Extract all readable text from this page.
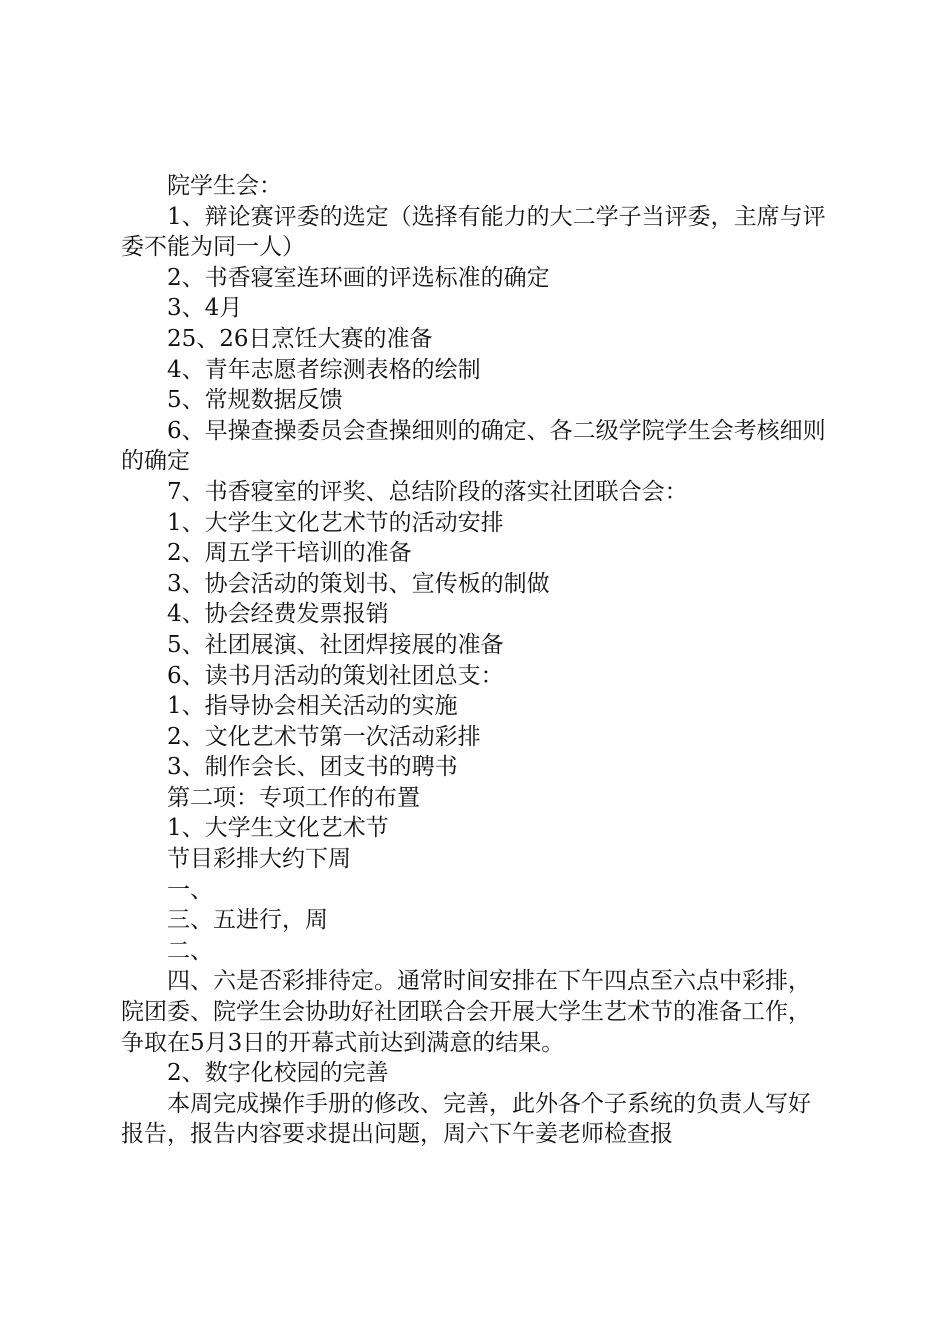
院学生会：

1、辩论赛评委的选定（选择有能力的大二学子当评委，主席与评委不能为同一人）

2、书香寝室连环画的评选标准的确定

3、4月

25、26日烹饪大赛的准备

4、青年志愿者综测表格的绘制

5、常规数据反馈

6、早操查操委员会查操细则的确定、各二级学院学生会考核细则的确定

7、书香寝室的评奖、总结阶段的落实社团联合会：

1、大学生文化艺术节的活动安排

2、周五学干培训的准备

3、协会活动的策划书、宣传板的制做

4、协会经费发票报销

5、社团展演、社团焊接展的准备

6、读书月活动的策划社团总支：

1、指导协会相关活动的实施

2、文化艺术节第一次活动彩排

3、制作会长、团支书的聘书

第二项：专项工作的布置

1、大学生文化艺术节

节目彩排大约下周

一、

三、五进行，周

二、

四、六是否彩排待定。通常时间安排在下午四点至六点中彩排，院团委、院学生会协助好社团联合会开展大学生艺术节的准备工作，争取在5月3日的开幕式前达到满意的结果。

2、数字化校园的完善

本周完成操作手册的修改、完善，此外各个子系统的负责人写好报告，报告内容要求提出问题，周六下午姜老师检查报
